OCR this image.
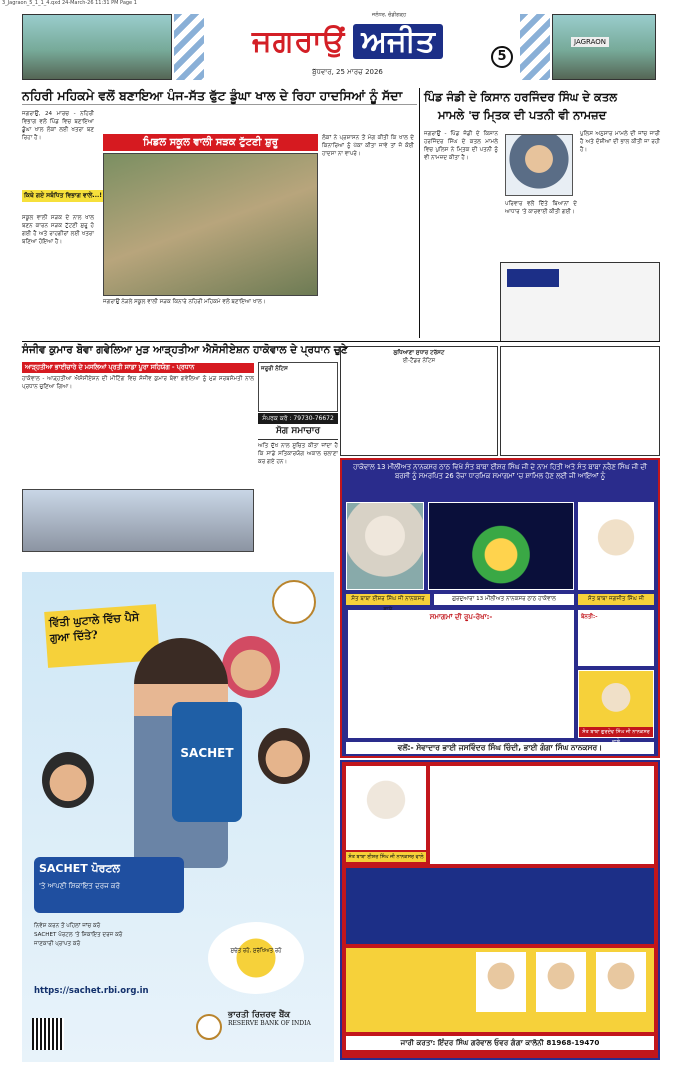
3_Jagraon_5_1_1_4.qxd 24-March-26 11:31 PM Page 1
JAGRAON
ਜਗਰਾਉਂ ਅਜੀਤ
ਜਲੰਧਰ, ਚੰਡੀਗੜ੍ਹ
ਬੁੱਧਵਾਰ, 25 ਮਾਰਚ 2026
5
ਨਹਿਰੀ ਮਹਿਕਮੇ ਵਲੋਂ ਬਣਾਇਆ ਪੰਜ-ਸੱਤ ਫੁੱਟ ਡੂੰਘਾ ਖਾਲ ਦੇ ਰਿਹਾ ਹਾਦਸਿਆਂ ਨੂੰ ਸੱਦਾ
ਜਗਰਾਉਂ, 24 ਮਾਰਚ - ਨਹਿਰੀ ਵਿਭਾਗ ਵਲੋਂ ਪਿੰਡ ਵਿਚ ਬਣਾਇਆ ਡੂੰਘਾ ਖਾਲ ਲੋਕਾਂ ਲਈ ਖਤਰਾ ਬਣ ਰਿਹਾ ਹੈ।
ਕਿਥੇ ਗਏ ਸਬੰਧਿਤ ਵਿਭਾਗ ਵਾਲੇ...!
ਸਕੂਲ ਵਾਲੀ ਸੜਕ ਦੇ ਨਾਲ ਖਾਲ ਬਣਨ ਕਾਰਨ ਸੜਕ ਟੁੱਟਣੀ ਸ਼ੁਰੂ ਹੋ ਗਈ ਹੈ ਅਤੇ ਰਾਹਗੀਰਾਂ ਲਈ ਖਤਰਾ ਬਣਿਆ ਹੋਇਆ ਹੈ।
ਮਿਡਲ ਸਕੂਲ ਵਾਲੀ ਸੜਕ ਟੁੱਟਣੀ ਸ਼ੁਰੂ
ਜਗਰਾਉਂ ਨੇੜਲੇ ਸਕੂਲ ਵਾਲੀ ਸੜਕ ਕਿਨਾਰੇ ਨਹਿਰੀ ਮਹਿਕਮੇ ਵਲੋਂ ਬਣਾਇਆ ਖਾਲ।
ਲੋਕਾਂ ਨੇ ਪ੍ਰਸ਼ਾਸਨ ਤੋਂ ਮੰਗ ਕੀਤੀ ਕਿ ਖਾਲ ਦੇ ਕਿਨਾਰਿਆਂ ਨੂੰ ਪੱਕਾ ਕੀਤਾ ਜਾਵੇ ਤਾਂ ਜੋ ਕੋਈ ਹਾਦਸਾ ਨਾ ਵਾਪਰੇ।
ਪਿੰਡ ਜੰਡੀ ਦੇ ਕਿਸਾਨ ਹਰਜਿੰਦਰ ਸਿੰਘ ਦੇ ਕਤਲ
ਮਾਮਲੇ 'ਚ ਮਿ੍ਤਕ ਦੀ ਪਤਨੀ ਵੀ ਨਾਮਜ਼ਦ
ਜਗਰਾਉਂ - ਪਿੰਡ ਜੰਡੀ ਦੇ ਕਿਸਾਨ ਹਰਜਿੰਦਰ ਸਿੰਘ ਦੇ ਕਤਲ ਮਾਮਲੇ ਵਿਚ ਪੁਲਿਸ ਨੇ ਮਿ੍ਤਕ ਦੀ ਪਤਨੀ ਨੂੰ ਵੀ ਨਾਮਜ਼ਦ ਕੀਤਾ ਹੈ।
ਪੁਲਿਸ ਅਨੁਸਾਰ ਮਾਮਲੇ ਦੀ ਜਾਂਚ ਜਾਰੀ ਹੈ ਅਤੇ ਦੋਸ਼ੀਆਂ ਦੀ ਭਾਲ ਕੀਤੀ ਜਾ ਰਹੀ ਹੈ।
ਪਰਿਵਾਰ ਵਲੋਂ ਦਿੱਤੇ ਬਿਆਨਾਂ ਦੇ ਆਧਾਰ 'ਤੇ ਕਾਰਵਾਈ ਕੀਤੀ ਗਈ।
ਸੰਜੀਵ ਕੁਮਾਰ ਬੋਵਾ ਗਵੇਲਿਆ ਮੁੜ ਆੜ੍ਹਤੀਆ ਐਸੋਸੀਏਸ਼ਨ ਹਾਕੋਵਾਲ ਦੇ ਪ੍ਰਧਾਨ ਚੁਣੇ
ਆੜ੍ਹਤੀਆ ਭਾਈਚਾਰੇ ਦੇ ਮਸਲਿਆਂ ਪ੍ਰਤੀ ਸਾਡਾ ਪੂਰਾ ਸਹਿਯੋਗ - ਪ੍ਰਧਾਨ
ਹਾਕੋਵਾਲ - ਆੜ੍ਹਤੀਆ ਐਸੋਸੀਏਸ਼ਨ ਦੀ ਮੀਟਿੰਗ ਵਿਚ ਸੰਜੀਵ ਕੁਮਾਰ ਬੋਵਾ ਗਵੇਲਿਆ ਨੂੰ ਮੁੜ ਸਰਬਸੰਮਤੀ ਨਾਲ ਪ੍ਰਧਾਨ ਚੁਣਿਆ ਗਿਆ।
ਜਰੂਰੀ ਨੋਟਿਸ
ਸੰਪਰਕ ਕਰੋ : 79730-76672
ਸੋਗ ਸਮਾਚਾਰ
ਅਤਿ ਦੁੱਖ ਨਾਲ ਸੂਚਿਤ ਕੀਤਾ ਜਾਂਦਾ ਹੈ ਕਿ ਸਾਡੇ ਸਤਿਕਾਰਯੋਗ ਅਕਾਲ ਚਲਾਣਾ ਕਰ ਗਏ ਹਨ।
ਲੁਧਿਆਣਾ ਸੁਧਾਰ ਟਰੱਸਟ
ਈ-ਟੈਂਡਰ ਨੋਟਿਸ
ਹਾਕੋਵਾਲ 13 ਮੀਲੀਅਤ ਨਾਨਕਸਰ ਠਾਠ ਵਿਖੇ ਸੰਤ ਬਾਬਾ ਈਸ਼ਰ ਸਿੰਘ ਜੀ ਦੇ ਨਾਮ ਹਿਤੀ ਅਤੇ ਸੰਤ ਬਾਬਾ ਨਰੈਣ ਸਿੰਘ ਜੀ ਦੀ ਬਰਸੀ ਨੂੰ ਸਮਰਪਿਤ 26 ਰੋਜ਼ਾ ਧਾਰਮਿਕ ਸਮਾਗਮਾਂ 'ਚ ਸ਼ਾਮਿਲ ਹੋਣ ਲਈ ਜੀ ਆਇਆਂ ਨੂੰ
ਸੰਤ ਬਾਬਾ ਈਸ਼ਰ ਸਿੰਘ ਜੀ ਨਾਨਕਸਰ	ਗੁਰਦੁਆਰਾ 13 ਮੀਲੀਅਤ ਨਾਨਕਸਰ ਠਾਠ ਹਾਕੋਵਾਲ	ਸੰਤ ਬਾਬਾ ਜਗਜੀਤ ਸਿੰਘ ਜੀ
ਸਮਾਗਮਾਂ ਦੀ ਰੂਪ-ਰੇਖਾ:-	ਬੇਨਤੀ:-
ਸੰਤ ਬਾਬਾ ਗੁਰਦੇਵ ਸਿੰਘ ਜੀ ਨਾਨਕਸਰ
ਵਲੋਂ:- ਸੇਵਾਦਾਰ ਭਾਈ ਜਸਵਿੰਦਰ ਸਿੰਘ ਚਿੰਦੀ, ਭਾਈ ਗੰਗਾ ਸਿੰਘ ਨਾਨਕਸਰ।
ਸੰਤ ਬਾਬਾ ਈਸ਼ਰ ਸਿੰਘ ਜੀ ਨਾਨਕਸਰ ਵਾਲੇ
ਜਾਰੀ ਕਰਤਾ: ਇੰਦਰ ਸਿੰਘ ਗਰੇਵਾਲ ਓਵਰ ਗੰਗਾ ਕਾਲੋਨੀ 81968-19470
ਵਿੱਤੀ ਘੁਟਾਲੇ ਵਿੱਚ ਪੈਸੇ ਗੁਆ ਦਿੱਤੇ?
SACHET
SACHET ਪੋਰਟਲ
'ਤੇ ਆਪਣੀ ਸ਼ਿਕਾਇਤ ਦਰਜ ਕਰੋ
ਨਿਵੇਸ਼ ਕਰਨ ਤੋਂ ਪਹਿਲਾਂ ਜਾਂਚ ਕਰੋ
SACHET ਪੋਰਟਲ 'ਤੇ ਸ਼ਿਕਾਇਤ ਦਰਜ ਕਰੋ
ਜਾਣਕਾਰੀ ਪ੍ਰਾਪਤ ਕਰੋ
https://sachet.rbi.org.in
ਸੁਚੇਤ ਰਹੋ, ਸੁਰੱਖਿਅਤ ਰਹੋ
ਭਾਰਤੀ ਰਿਜ਼ਰਵ ਬੈਂਕ
RESERVE BANK OF INDIA
